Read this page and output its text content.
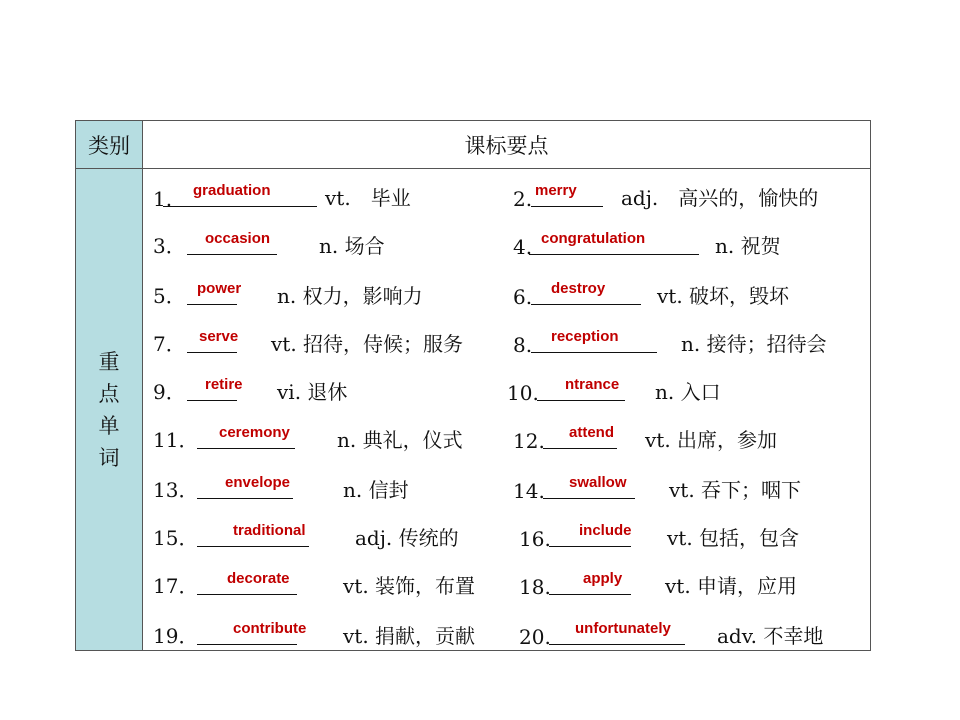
类别	课标要点
重点单词
1. graduation	vt.　毕业	2. merry adj.　高兴的，愉快的
3． occasion n. 场合	4. congratulation	n. 祝贺
5． power n. 权力，影响力	6. destroy	vt. 破坏，毁坏
7． serve vt. 招待，侍候；服务 8. reception	n. 接待；招待会
9． retire vi. 退休	10. ntrance n. 入口
11． ceremony n. 典礼，仪式	12. attend vt. 出席，参加
13． envelope	n. 信封	14. swallow vt. 吞下；咽下
15． traditional adj. 传统的	16. include vt. 包括，包含
17． decorate	vt. 装饰，布置 18. apply vt. 申请，应用
19． contribute vt. 捐献，贡献 20. unfortunately adv. 不幸地
